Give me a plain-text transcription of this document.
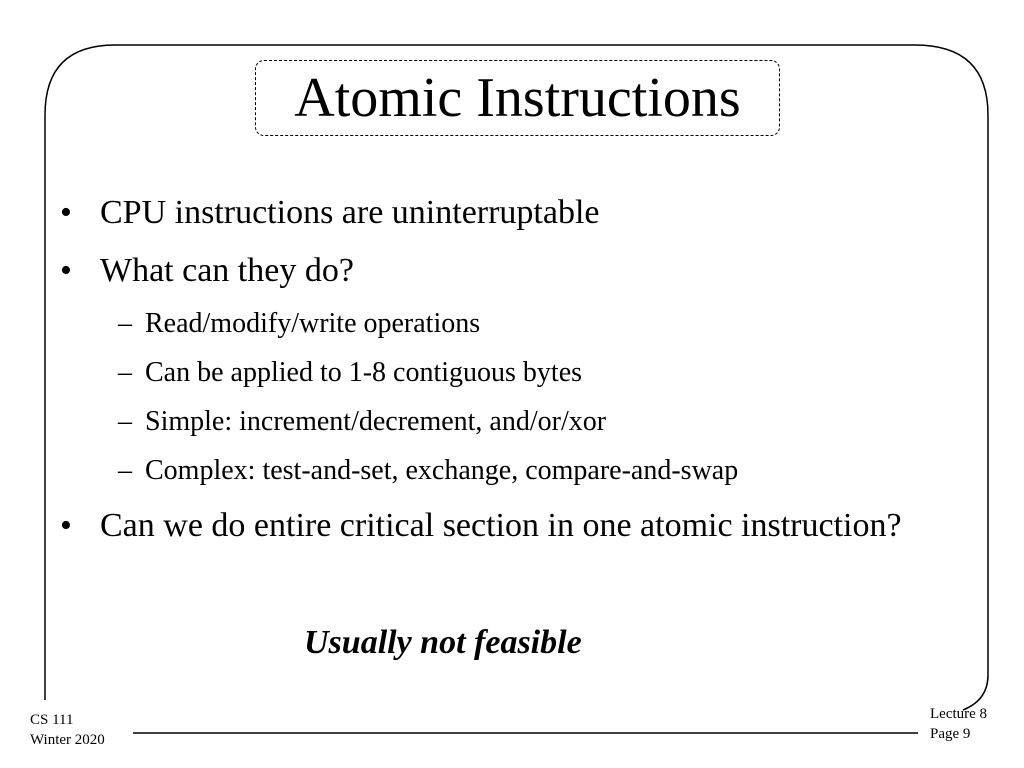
Atomic Instructions
• CPU instructions are uninterruptable
• What can they do?
– Read/modify/write operations
– Can be applied to 1-8 contiguous bytes
– Simple: increment/decrement, and/or/xor
– Complex: test-and-set, exchange, compare-and-swap
• Can we do entire critical section in one atomic instruction?
Usually not feasible
CS 111
Winter 2020
Lecture 8
Page 9
